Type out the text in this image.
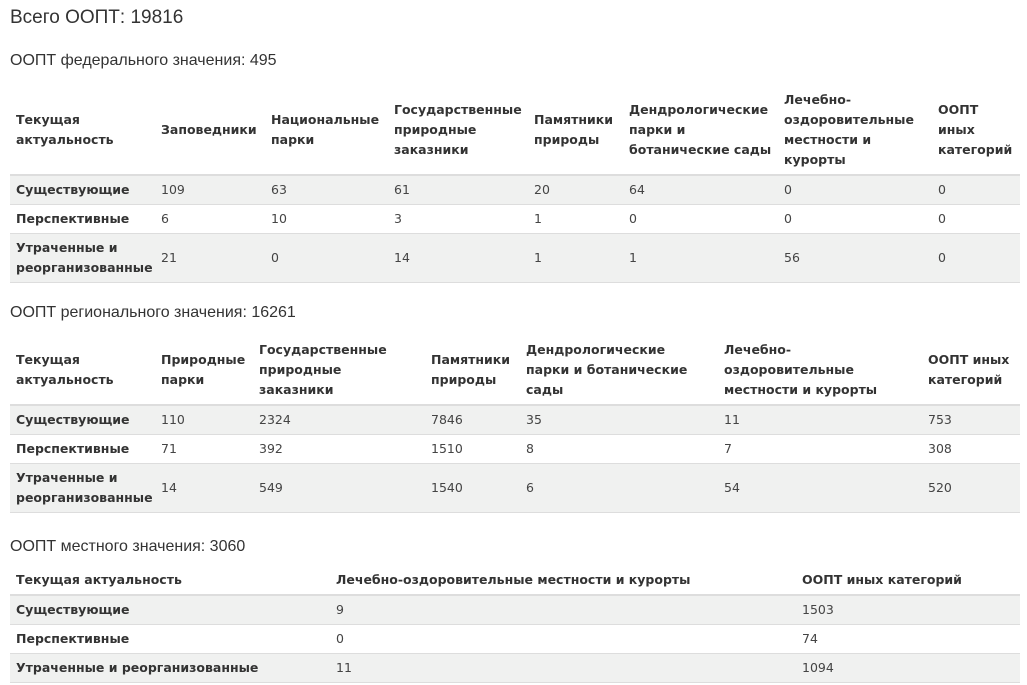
Всего ООПТ: 19816
ООПТ федерального значения: 495
Текущая актуальность	Заповедники	Национальные парки	Государственные природные заказники	Памятники природы	Дендрологические парки и ботанические сады	Лечебно-оздоровительные местности и курорты	ООПТ иных категорий
Существующие	109	63	61	20	64	0	0
Перспективные	6	10	3	1	0	0	0
Утраченные и реорганизованные	21	0	14	1	1	56	0
ООПТ регионального значения: 16261
Текущая актуальность	Природные парки	Государственные природные заказники	Памятники природы	Дендрологические парки и ботанические сады	Лечебно-оздоровительные местности и курорты	ООПТ иных категорий
Существующие	110	2324	7846	35	11	753
Перспективные	71	392	1510	8	7	308
Утраченные и реорганизованные	14	549	1540	6	54	520
ООПТ местного значения: 3060
Текущая актуальность	Лечебно-оздоровительные местности и курорты	ООПТ иных категорий
Существующие	9	1503
Перспективные	0	74
Утраченные и реорганизованные	11	1094
